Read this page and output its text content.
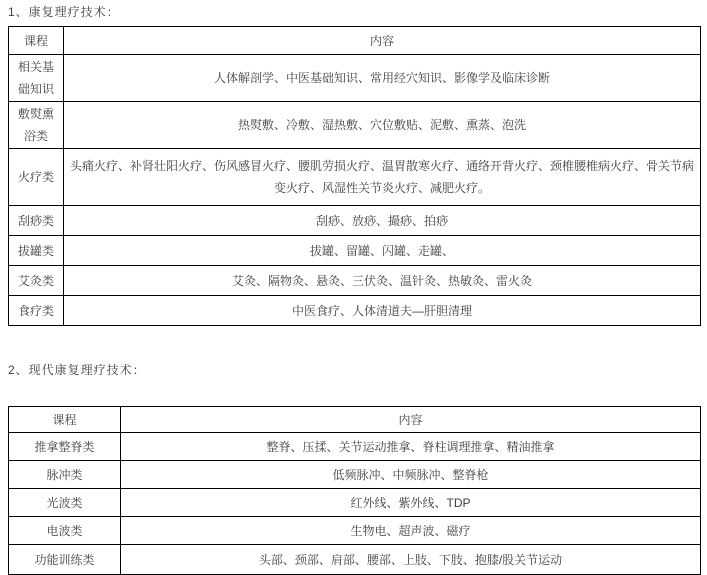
1、康复理疗技术：
课程	内容
相关基础知识	人体解剖学、中医基础知识、常用经穴知识、影像学及临床诊断
敷熨熏浴类	热熨敷、冷敷、湿热敷、穴位敷贴、泥敷、熏蒸、泡洗
火疗类	头痛火疗、补肾壮阳火疗、伤风感冒火疗、腰肌劳损火疗、温胃散寒火疗、通络开背火疗、颈椎腰椎病火疗、骨关节病变火疗、风湿性关节炎火疗、减肥火疗。
刮痧类	刮痧、放痧、撮痧、拍痧
拔罐类	拔罐、留罐、闪罐、走罐、
艾灸类	艾灸、隔物灸、悬灸、三伏灸、温针灸、热敏灸、雷火灸
食疗类	中医食疗、人体清道夫—肝胆清理
2、现代康复理疗技术：
课程	内容
推拿整脊类	整脊、压揉、关节运动推拿、脊柱调理推拿、精油推拿
脉冲类	低频脉冲、中频脉冲、整脊枪
光波类	红外线、紫外线、TDP
电波类	生物电、超声波、磁疗
功能训练类	头部、颈部、肩部、腰部、上肢、下肢、抱膝/股关节运动
